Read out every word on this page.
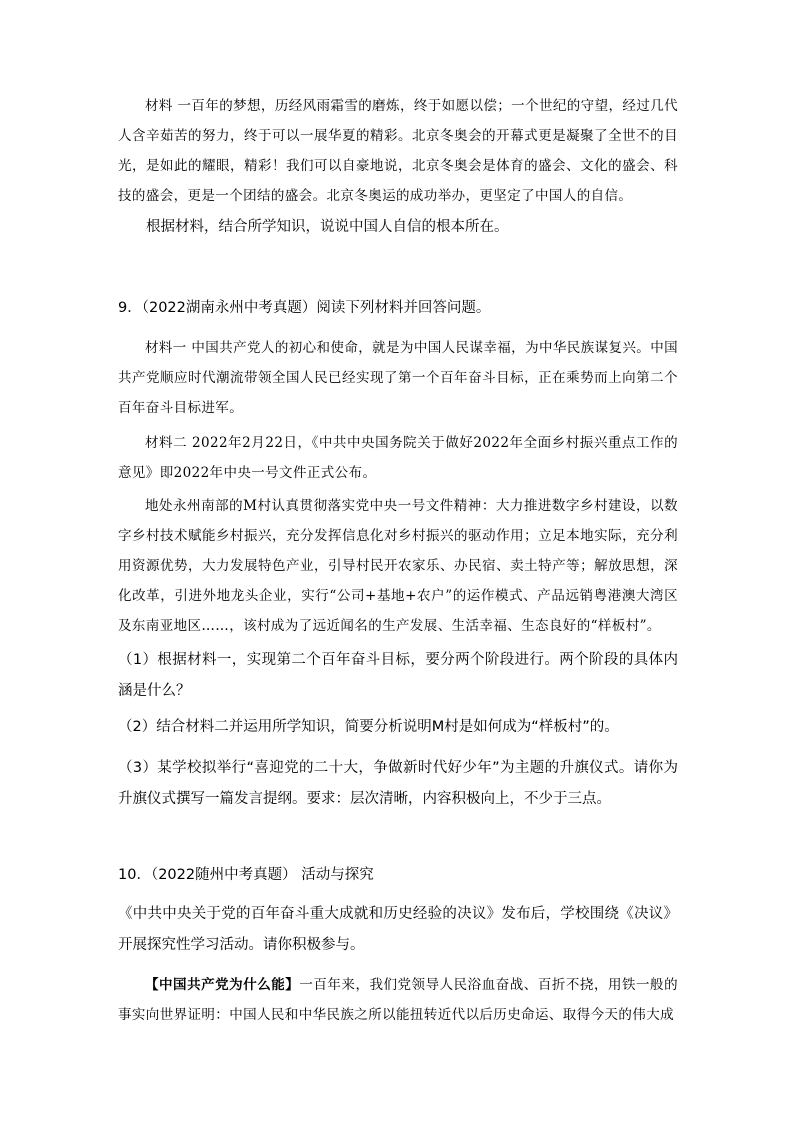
材料 一百年的梦想，历经风雨霜雪的磨炼，终于如愿以偿；一个世纪的守望，经过几代人含辛茹苦的努力，终于可以一展华夏的精彩。北京冬奥会的开幕式更是凝聚了全世不的目光，是如此的耀眼，精彩！我们可以自豪地说，北京冬奥会是体育的盛会、文化的盛会、科技的盛会，更是一个团结的盛会。北京冬奥运的成功举办，更坚定了中国人的自信。

根据材料，结合所学知识，说说中国人自信的根本所在。

9．（2022湖南永州中考真题）阅读下列材料并回答问题。

材料一 中国共产党人的初心和使命，就是为中国人民谋幸福，为中华民族谋复兴。中国共产党顺应时代潮流带领全国人民已经实现了第一个百年奋斗目标，正在乘势而上向第二个百年奋斗目标进军。

材料二 2022年2月22日，《中共中央国务院关于做好2022年全面乡村振兴重点工作的意见》即2022年中央一号文件正式公布。

地处永州南部的M村认真贯彻落实党中央一号文件精神：大力推进数字乡村建设，以数字乡村技术赋能乡村振兴，充分发挥信息化对乡村振兴的驱动作用；立足本地实际，充分利用资源优势，大力发展特色产业，引导村民开农家乐、办民宿、卖土特产等；解放思想，深化改革，引进外地龙头企业，实行“公司+基地+农户”的运作模式、产品远销粤港澳大湾区及东南亚地区……，该村成为了远近闻名的生产发展、生活幸福、生态良好的“样板村”。

（1）根据材料一，实现第二个百年奋斗目标，要分两个阶段进行。两个阶段的具体内涵是什么？

（2）结合材料二并运用所学知识，简要分析说明M村是如何成为“样板村”的。

（3）某学校拟举行“喜迎党的二十大，争做新时代好少年”为主题的升旗仪式。请你为升旗仪式撰写一篇发言提纲。要求：层次清晰，内容积极向上，不少于三点。

10．（2022随州中考真题） 活动与探究

《中共中央关于党的百年奋斗重大成就和历史经验的决议》发布后，学校围绕《决议》开展探究性学习活动。请你积极参与。

【中国共产党为什么能】一百年来，我们党领导人民浴血奋战、百折不挠，用铁一般的事实向世界证明：中国人民和中华民族之所以能扭转近代以后历史命运、取得今天的伟大成
